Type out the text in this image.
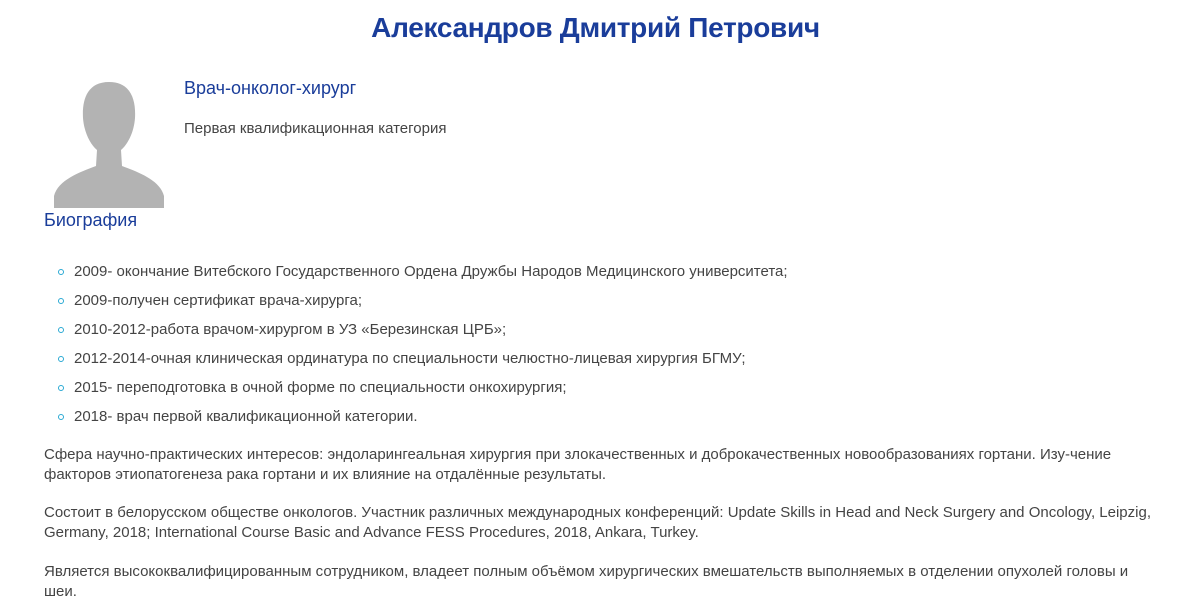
Александров Дмитрий Петрович
Врач-онколог-хирург
Первая квалификационная категория
Биография
2009- окончание Витебского Государственного Ордена Дружбы Народов Медицинского университета;
2009-получен сертификат врача-хирурга;
2010-2012-работа врачом-хирургом в УЗ «Березинская ЦРБ»;
2012-2014-очная клиническая ординатура по специальности челюстно-лицевая хирургия БГМУ;
2015- переподготовка в очной форме по специальности онкохирургия;
2018- врач первой квалификационной категории.

Сфера научно-практических интересов: эндоларингеальная хирургия при злокачественных и доброкачественных новообразованиях гортани. Изу-чение факторов этиопатогенеза рака гортани и их влияние на отдалённые результаты.

Состоит в белорусском обществе онкологов. Участник различных международных конференций: Update Skills in Head and Neck Surgery and Oncology, Leipzig, Germany, 2018; International Course Basic and Advance FESS Procedures, 2018, Ankara, Turkey.

Является высококвалифицированным сотрудником, владеет полным объёмом хирургических вмешательств выполняемых в отделении опухолей головы и шеи.
